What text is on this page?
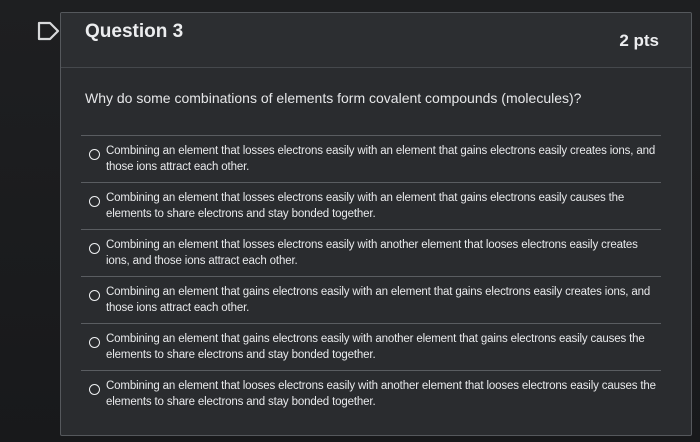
Question 3	2 pts
Why do some combinations of elements form covalent compounds (molecules)?
Combining an element that losses electrons easily with an element that gains electrons easily creates ions, and those ions attract each other.
Combining an element that losses electrons easily with an element that gains electrons easily causes the elements to share electrons and stay bonded together.
Combining an element that losses electrons easily with another element that looses electrons easily creates ions, and those ions attract each other.
Combining an element that gains electrons easily with an element that gains electrons easily creates ions, and those ions attract each other.
Combining an element that gains electrons easily with another element that gains electrons easily causes the elements to share electrons and stay bonded together.
Combining an element that looses electrons easily with another element that looses electrons easily causes the elements to share electrons and stay bonded together.
